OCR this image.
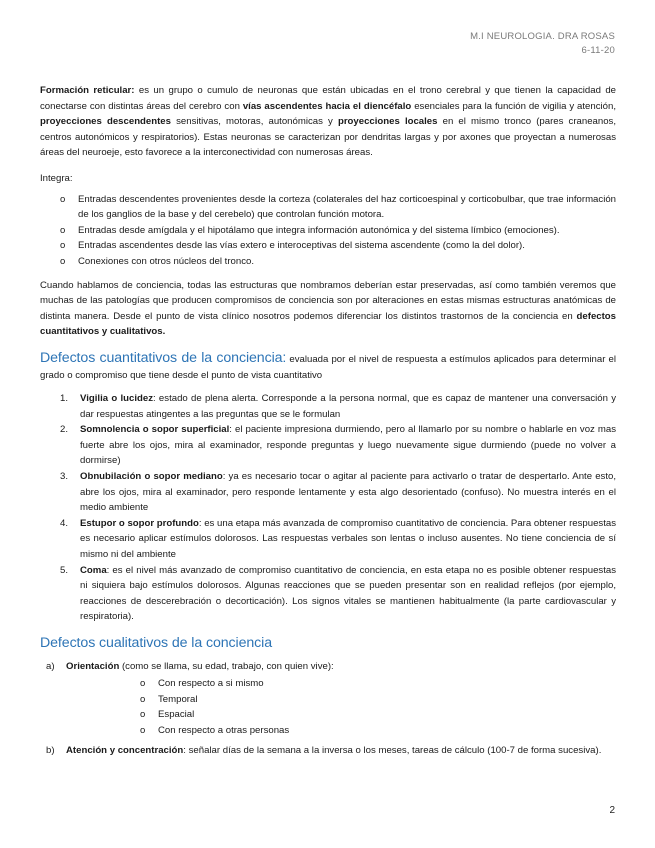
M.I NEUROLOGIA. DRA ROSAS
6-11-20

Formación reticular: es un grupo o cumulo de neuronas que están ubicadas en el trono cerebral y que tienen la capacidad de conectarse con distintas áreas del cerebro con vías ascendentes hacia el diencéfalo esenciales para la función de vigilia y atención, proyecciones descendentes sensitivas, motoras, autonómicas y proyecciones locales en el mismo tronco (pares craneanos, centros autonómicos y respiratorios). Estas neuronas se caracterizan por dendritas largas y por axones que proyectan a numerosas áreas del neuroeje, esto favorece a la interconectividad con numerosas áreas.

Integra:

o Entradas descendentes provenientes desde la corteza (colaterales del haz corticoespinal y corticobulbar, que trae información de los ganglios de la base y del cerebelo) que controlan función motora.
o Entradas desde amígdala y el hipotálamo que integra información autonómica y del sistema límbico (emociones).
o Entradas ascendentes desde las vías extero e interoceptivas del sistema ascendente (como la del dolor).
o Conexiones con otros núcleos del tronco.

Cuando hablamos de conciencia, todas las estructuras que nombramos deberían estar preservadas, así como también veremos que muchas de las patologías que producen compromisos de conciencia son por alteraciones en estas mismas estructuras anatómicas de distinta manera. Desde el punto de vista clínico nosotros podemos diferenciar los distintos trastornos de la conciencia en defectos cuantitativos y cualitativos.

Defectos cuantitativos de la conciencia: evaluada por el nivel de respuesta a estímulos aplicados para determinar el grado o compromiso que tiene desde el punto de vista cuantitativo

1. Vigilia o lucidez: estado de plena alerta. Corresponde a la persona normal, que es capaz de mantener una conversación y dar respuestas atingentes a las preguntas que se le formulan
2. Somnolencia o sopor superficial: el paciente impresiona durmiendo, pero al llamarlo por su nombre o hablarle en voz mas fuerte abre los ojos, mira al examinador, responde preguntas y luego nuevamente sigue durmiendo (puede no volver a dormirse)
3. Obnubilación o sopor mediano: ya es necesario tocar o agitar al paciente para activarlo o tratar de despertarlo. Ante esto, abre los ojos, mira al examinador, pero responde lentamente y esta algo desorientado (confuso). No muestra interés en el medio ambiente
4. Estupor o sopor profundo: es una etapa más avanzada de compromiso cuantitativo de conciencia. Para obtener respuestas es necesario aplicar estímulos dolorosos. Las respuestas verbales son lentas o incluso ausentes. No tiene conciencia de sí mismo ni del ambiente
5. Coma: es el nivel más avanzado de compromiso cuantitativo de conciencia, en esta etapa no es posible obtener respuestas ni siquiera bajo estímulos dolorosos. Algunas reacciones que se pueden presentar son en realidad reflejos (por ejemplo, reacciones de descerebración o decorticación). Los signos vitales se mantienen habitualmente (la parte cardiovascular y respiratoria).
Defectos cualitativos de la conciencia
a) Orientación (como se llama, su edad, trabajo, con quien vive):
o Con respecto a si mismo
o Temporal
o Espacial
o Con respecto a otras personas
b) Atención y concentración: señalar días de la semana a la inversa o los meses, tareas de cálculo (100-7 de forma sucesiva).
2
